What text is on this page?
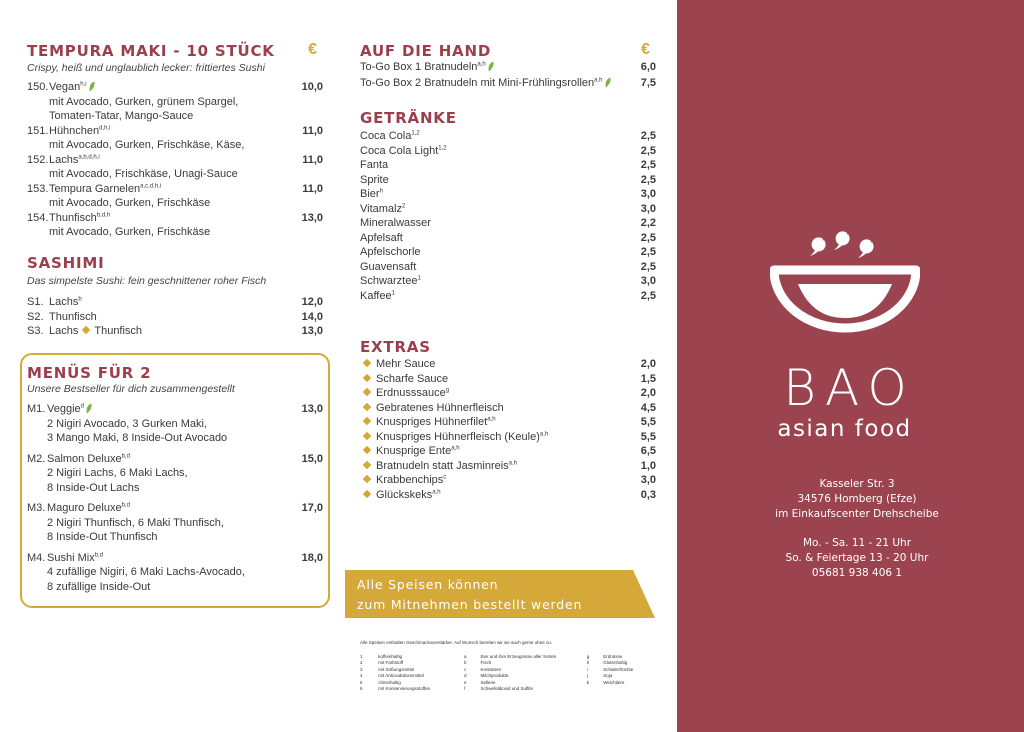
TEMPURA MAKI - 10 STÜCK	€
Crispy, heiß und unglaublich lecker: frittiertes Sushi
150.Vegan$^{h,i}$	10,0
mit Avocado, Gurken, grünem Spargel,
Tomaten-Tatar, Mango-Sauce
151.Hühnchen$^{d,h,i}$	11,0
mit Avocado, Gurken, Frischkäse, Käse,
152.Lachs$^{a,b,d,h,i}$	11,0
mit Avocado, Frischkäse, Unagi-Sauce
153.Tempura Garnelen$^{a,c,d,h,i}$	11,0
mit Avocado, Gurken, Frischkäse
154.Thunfisch$^{b,d,h}$	13,0
mit Avocado, Gurken, Frischkäse
SASHIMI
Das simpelste Sushi: fein geschnittener roher Fisch
S1. Lachs$^b$	12,0
S2. Thunfisch	14,0
S3. Lachs Thunfisch	13,0
MENÜS FÜR 2
Unsere Bestseller für dich zusammengestellt
M1. Veggie$^d$	13,0
2 Nigiri Avocado, 3 Gurken Maki,
3 Mango Maki, 8 Inside-Out Avocado
M2. Salmon Deluxe$^{b,d}$	15,0
2 Nigiri Lachs, 6 Maki Lachs,
8 Inside-Out Lachs
M3. Maguro Deluxe$^{b,d}$	17,0
2 Nigiri Thunfisch, 6 Maki Thunfisch,
8 Inside-Out Thunfisch
M4. Sushi Mix$^{b,d}$	18,0
4 zufällige Nigiri, 6 Maki Lachs-Avocado,
8 zufällige Inside-Out
AUF DIE HAND	€
To-Go Box 1 Bratnudeln$^{a,h}$	6,0
To-Go Box 2 Bratnudeln mit Mini-Frühlingsrollen$^{a,h}$	7,5
GETRÄNKE
Coca Cola$^{1,2}$	2,5
Coca Cola Light$^{1,2}$	2,5
Fanta	2,5
Sprite	2,5
Bier$^h$	3,0
Vitamalz$^2$	3,0
Mineralwasser	2,2
Apfelsaft	2,5
Apfelschorle	2,5
Guavensaft	2,5
Schwarztee$^1$	3,0
Kaffee$^1$	2,5
EXTRAS
Mehr Sauce	2,0
Scharfe Sauce	1,5
Erdnusssauce$^g$	2,0
Gebratenes Hühnerfleisch	4,5
Knuspriges Hühnerfilet$^{a,h}$	5,5
Knuspriges Hühnerfleisch (Keule)$^{a,h}$	5,5
Knusprige Ente$^{a,h}$	6,5
Bratnudeln statt Jasminreis$^{a,h}$	1,0
Krabbenchips$^c$	3,0
Glückskeks$^{a,h}$	0,3
Alle Speisen können
zum Mitnehmen bestellt werden
Alle Speisen enthalten Geschmacksverstärker. Auf Wunsch bereiten wir sie auch gerne ohne zu.
1	koffeinhaltig	a	Eier und ihre Erzeugnisse aller Sorten	g	Erdnüsse
2	mit Farbstoff	b	Fisch	h	Glutenhaltig
3	mit Süßungsmittel	c	Krebstiere	i	Schalenfrüchte
4	mit Antioxidationsmittel	d	Milchprodukte	j	Soja
5	chininhaltig	e	Sellerie	k	Weichtiere
6	mit Konservierungsstoffen	f	Schwefeldioxid und Sulfite		
BAO
asian food
Kasseler Str. 3
34576 Homberg (Efze)
im Einkaufscenter Drehscheibe
Mo. - Sa. 11 - 21 Uhr
So. & Feiertage 13 - 20 Uhr
05681 938 406 1
